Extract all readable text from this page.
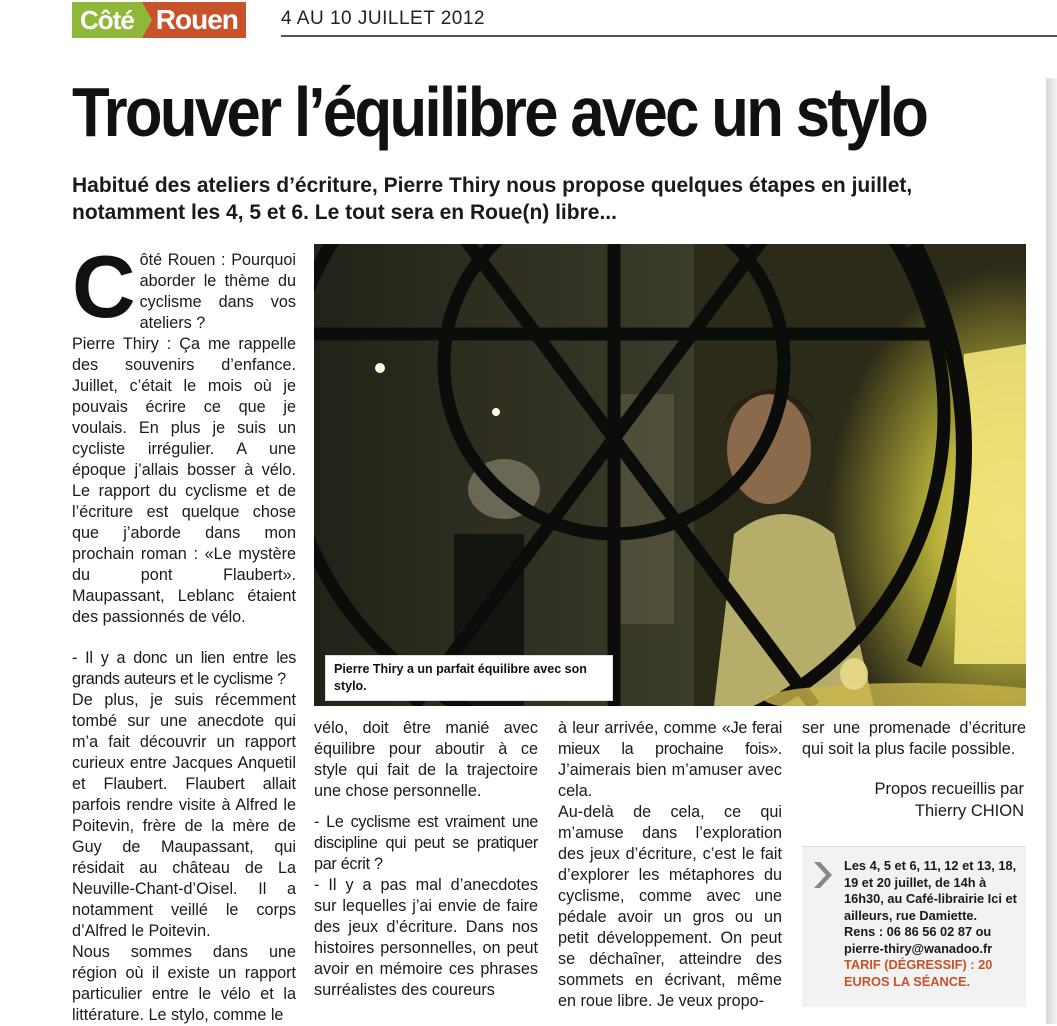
Côté Rouen	4 AU 10 JUILLET 2012
Trouver l’équilibre avec un stylo
Habitué des ateliers d’écriture, Pierre Thiry nous propose quelques étapes en juillet, notamment les 4, 5 et 6. Le tout sera en Roue(n) libre...

Côté Rouen : Pourquoi aborder le thème du cyclisme dans vos ateliers ?

Pierre Thiry : Ça me rappelle des souvenirs d’enfance. Juillet, c’était le mois où je pouvais écrire ce que je voulais. En plus je suis un cycliste irrégulier. A une époque j’allais bosser à vélo. Le rapport du cyclisme et de l’écriture est quelque chose que j’aborde dans mon prochain roman : «Le mystère du pont Flaubert». Maupassant, Leblanc étaient des passionnés de vélo.

- Il y a donc un lien entre les grands auteurs et le cyclisme ?

De plus, je suis récemment tombé sur une anecdote qui m’a fait découvrir un rapport curieux entre Jacques Anquetil et Flaubert. Flaubert allait parfois rendre visite à Alfred le Poitevin, frère de la mère de Guy de Maupassant, qui résidait au château de La Neuville-Chant-d’Oisel. Il a notamment veillé le corps d’Alfred le Poitevin.

Nous sommes dans une région où il existe un rapport particulier entre le vélo et la littérature. Le stylo, comme le

Pierre Thiry a un parfait équilibre avec son stylo.

vélo, doit être manié avec équilibre pour aboutir à ce style qui fait de la trajectoire une chose personnelle.

- Le cyclisme est vraiment une discipline qui peut se pratiquer par écrit ?

- Il y a pas mal d’anecdotes sur lequelles j’ai envie de faire des jeux d’écriture. Dans nos histoires personnelles, on peut avoir en mémoire ces phrases surréalistes des coureurs

à leur arrivée, comme «Je ferai mieux la prochaine fois». J’aimerais bien m’amuser avec cela.

Au-delà de cela, ce qui m’amuse dans l’exploration des jeux d’écriture, c’est le fait d’explorer les métaphores du cyclisme, comme avec une pédale avoir un gros ou un petit développement. On peut se déchaîner, atteindre des sommets en écrivant, même en roue libre. Je veux propo-

ser une promenade d’écriture qui soit la plus facile possible.

Propos recueillis par
Thierry CHION
Les 4, 5 et 6, 11, 12 et 13, 18, 19 et 20 juillet, de 14h à 16h30, au Café-librairie Ici et ailleurs, rue Damiette.
Rens : 06 86 56 02 87 ou
pierre-thiry@wanadoo.fr
TARIF (DÉGRESSIF) : 20 EUROS LA SÉANCE.
